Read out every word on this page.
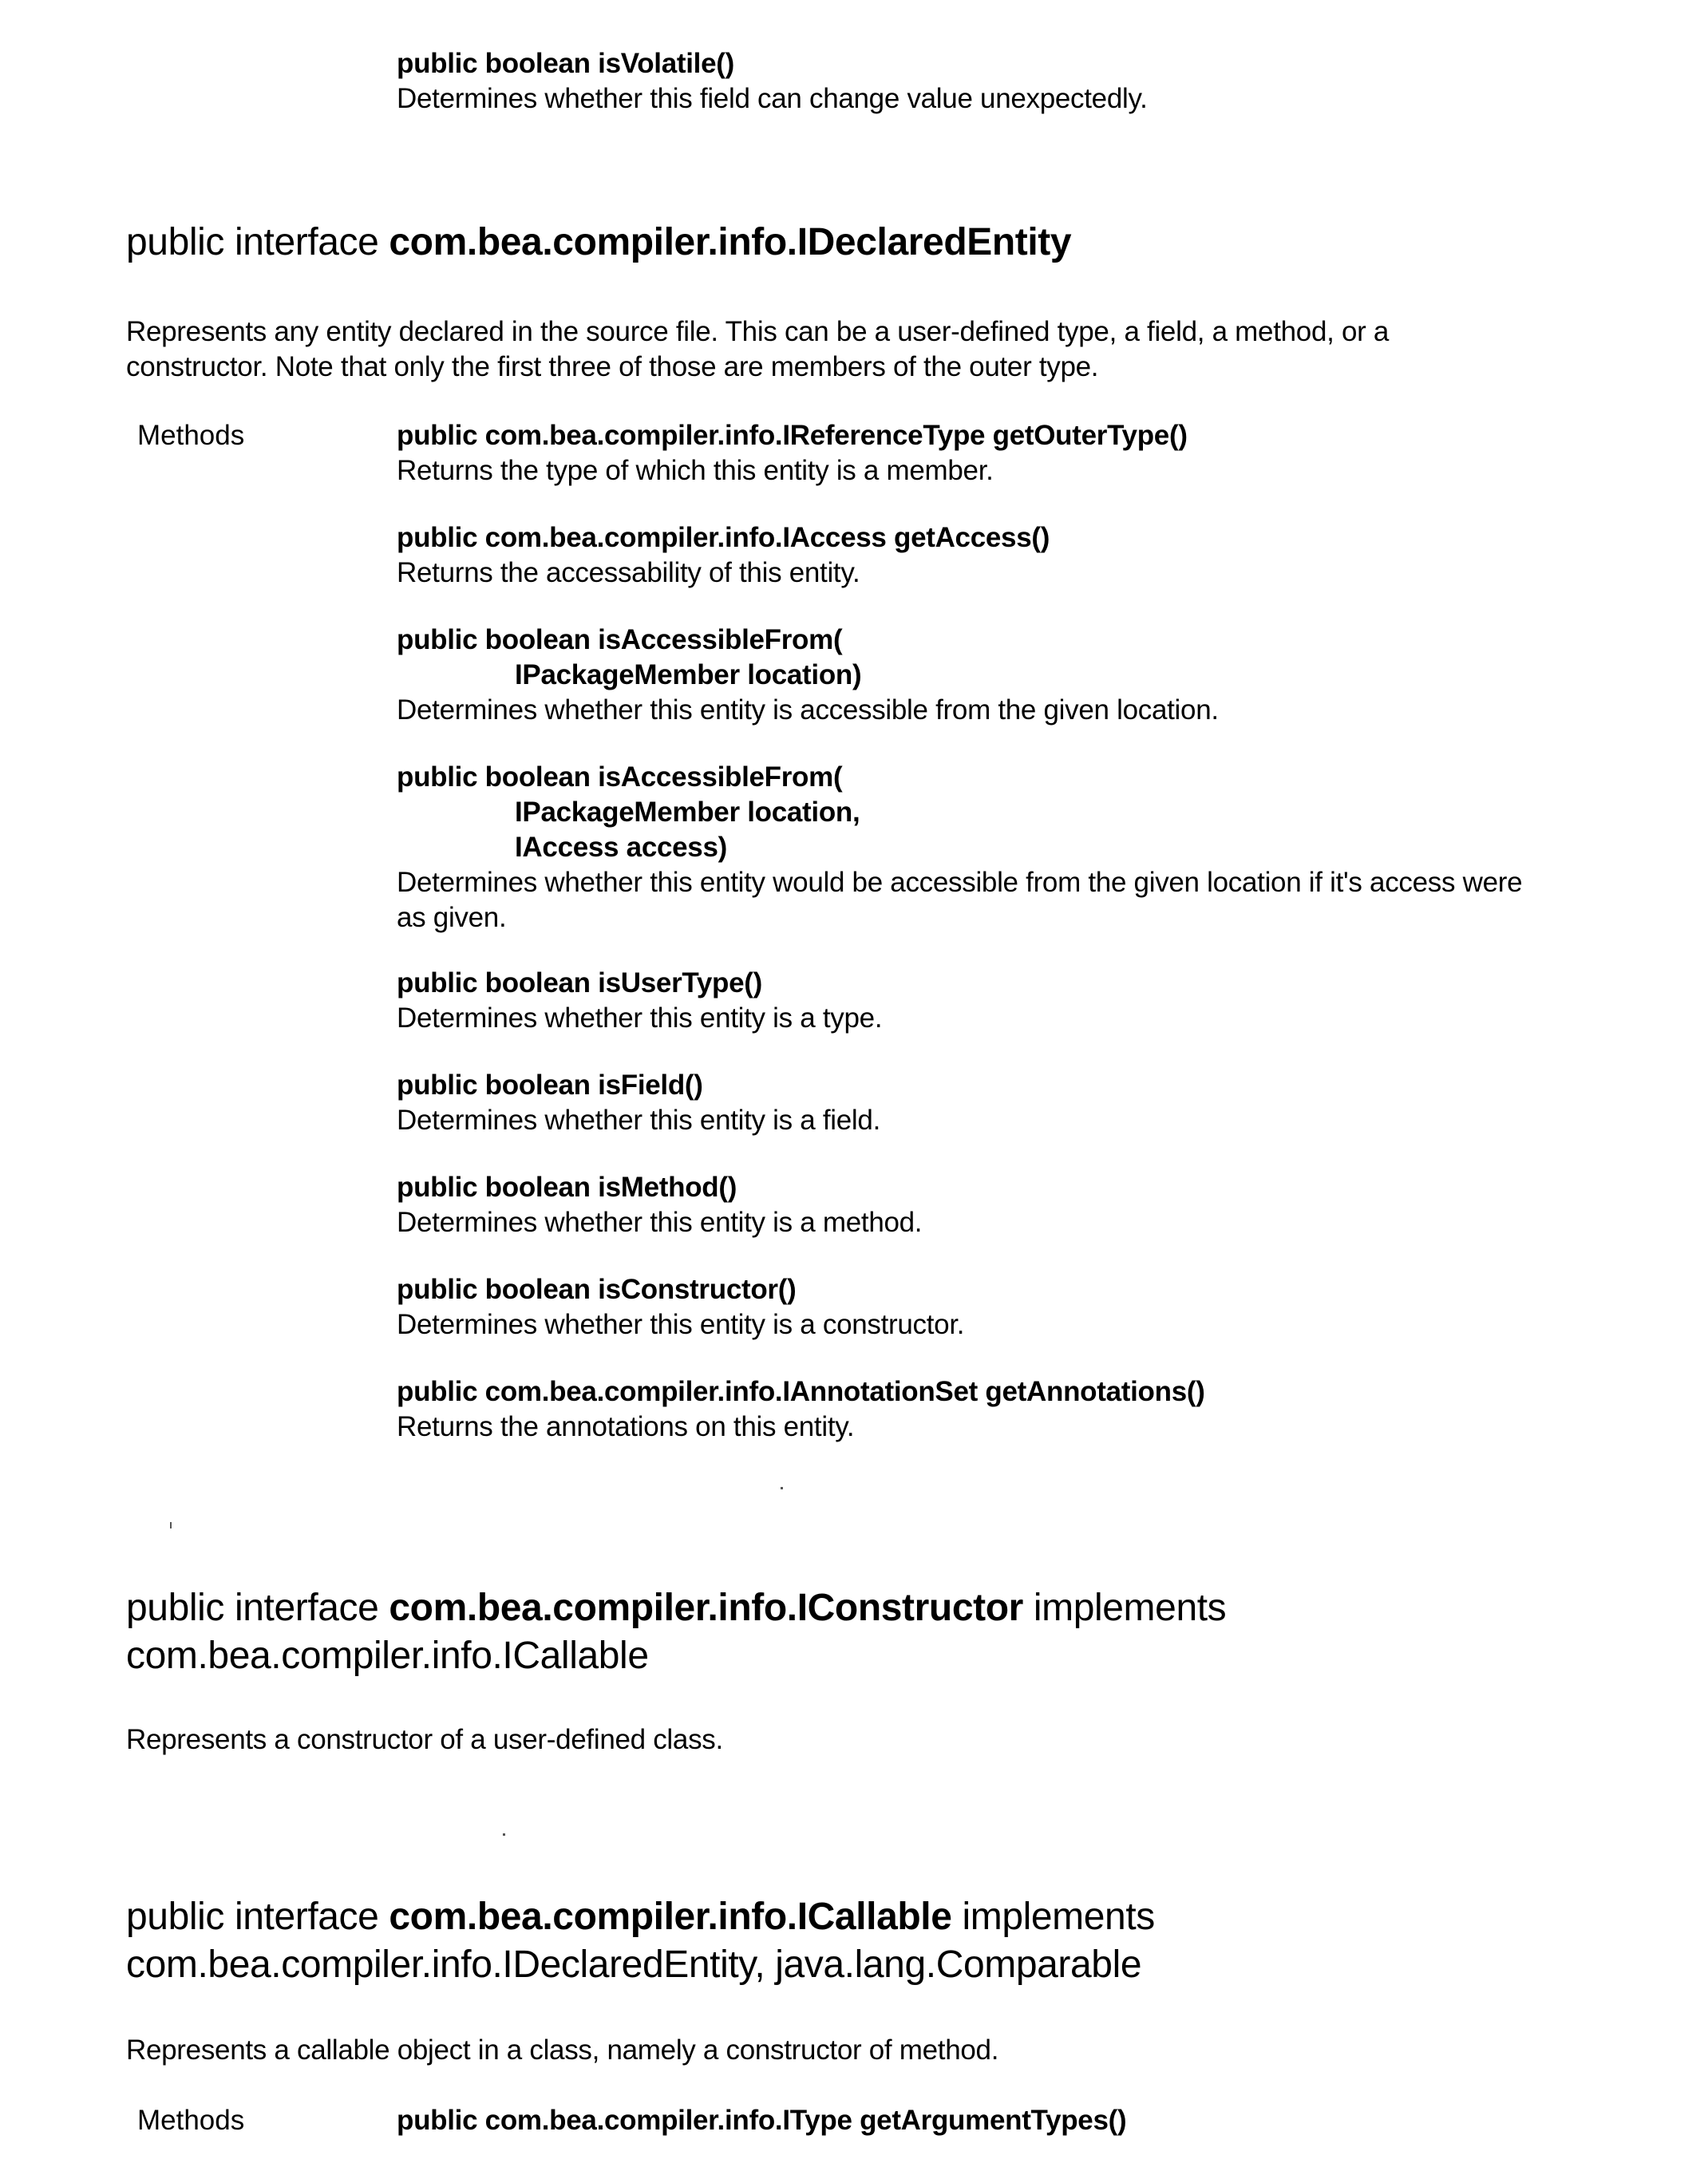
public boolean isVolatile()
Determines whether this field can change value unexpectedly.
public interface com.bea.compiler.info.IDeclaredEntity
Represents any entity declared in the source file. This can be a user-defined type, a field, a method, or a
constructor. Note that only the first three of those are members of the outer type.
Methods	public com.bea.compiler.info.IReferenceType getOuterType()
Returns the type of which this entity is a member.
public com.bea.compiler.info.IAccess getAccess()
Returns the accessability of this entity.
public boolean isAccessibleFrom(
IPackageMember location)
Determines whether this entity is accessible from the given location.
public boolean isAccessibleFrom(
IPackageMember location,
IAccess access)
Determines whether this entity would be accessible from the given location if it's access were
as given.
public boolean isUserType()
Determines whether this entity is a type.
public boolean isField()
Determines whether this entity is a field.
public boolean isMethod()
Determines whether this entity is a method.
public boolean isConstructor()
Determines whether this entity is a constructor.
public com.bea.compiler.info.IAnnotationSet getAnnotations()
Returns the annotations on this entity.
public interface com.bea.compiler.info.IConstructor implements
com.bea.compiler.info.ICallable
Represents a constructor of a user-defined class.
public interface com.bea.compiler.info.ICallable implements
com.bea.compiler.info.IDeclaredEntity, java.lang.Comparable
Represents a callable object in a class, namely a constructor of method.
Methods	public com.bea.compiler.info.IType getArgumentTypes()
